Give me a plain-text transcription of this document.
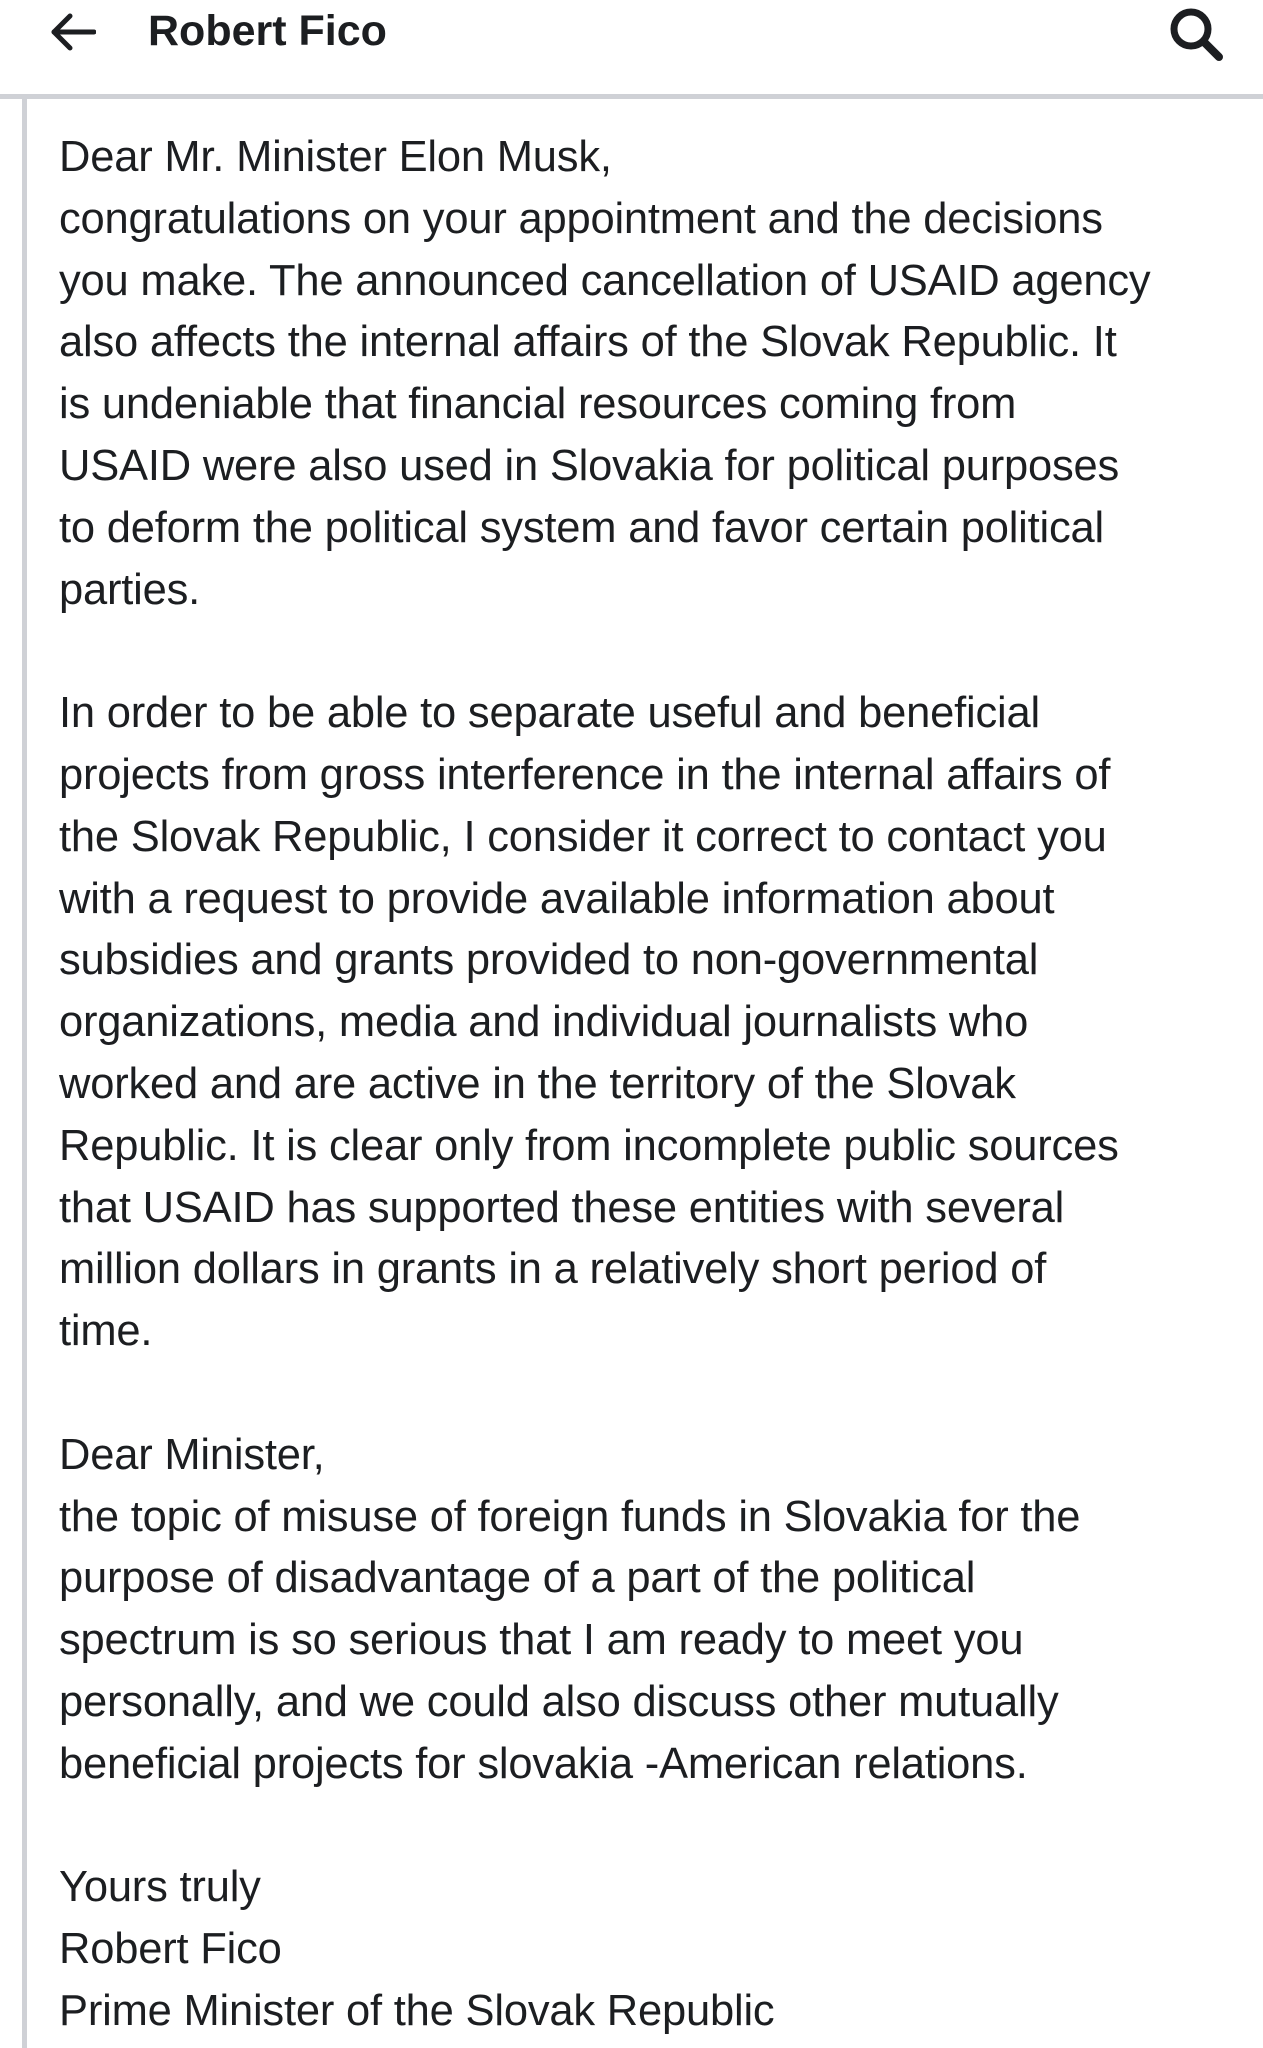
Robert Fico

Dear Mr. Minister Elon Musk,
congratulations on your appointment and the decisions
you make. The announced cancellation of USAID agency
also affects the internal affairs of the Slovak Republic. It
is undeniable that financial resources coming from
USAID were also used in Slovakia for political purposes
to deform the political system and favor certain political
parties.

In order to be able to separate useful and beneficial
projects from gross interference in the internal affairs of
the Slovak Republic, I consider it correct to contact you
with a request to provide available information about
subsidies and grants provided to non-governmental
organizations, media and individual journalists who
worked and are active in the territory of the Slovak
Republic. It is clear only from incomplete public sources
that USAID has supported these entities with several
million dollars in grants in a relatively short period of
time.

Dear Minister,
the topic of misuse of foreign funds in Slovakia for the
purpose of disadvantage of a part of the political
spectrum is so serious that I am ready to meet you
personally, and we could also discuss other mutually
beneficial projects for slovakia -American relations.

Yours truly
Robert Fico
Prime Minister of the Slovak Republic
